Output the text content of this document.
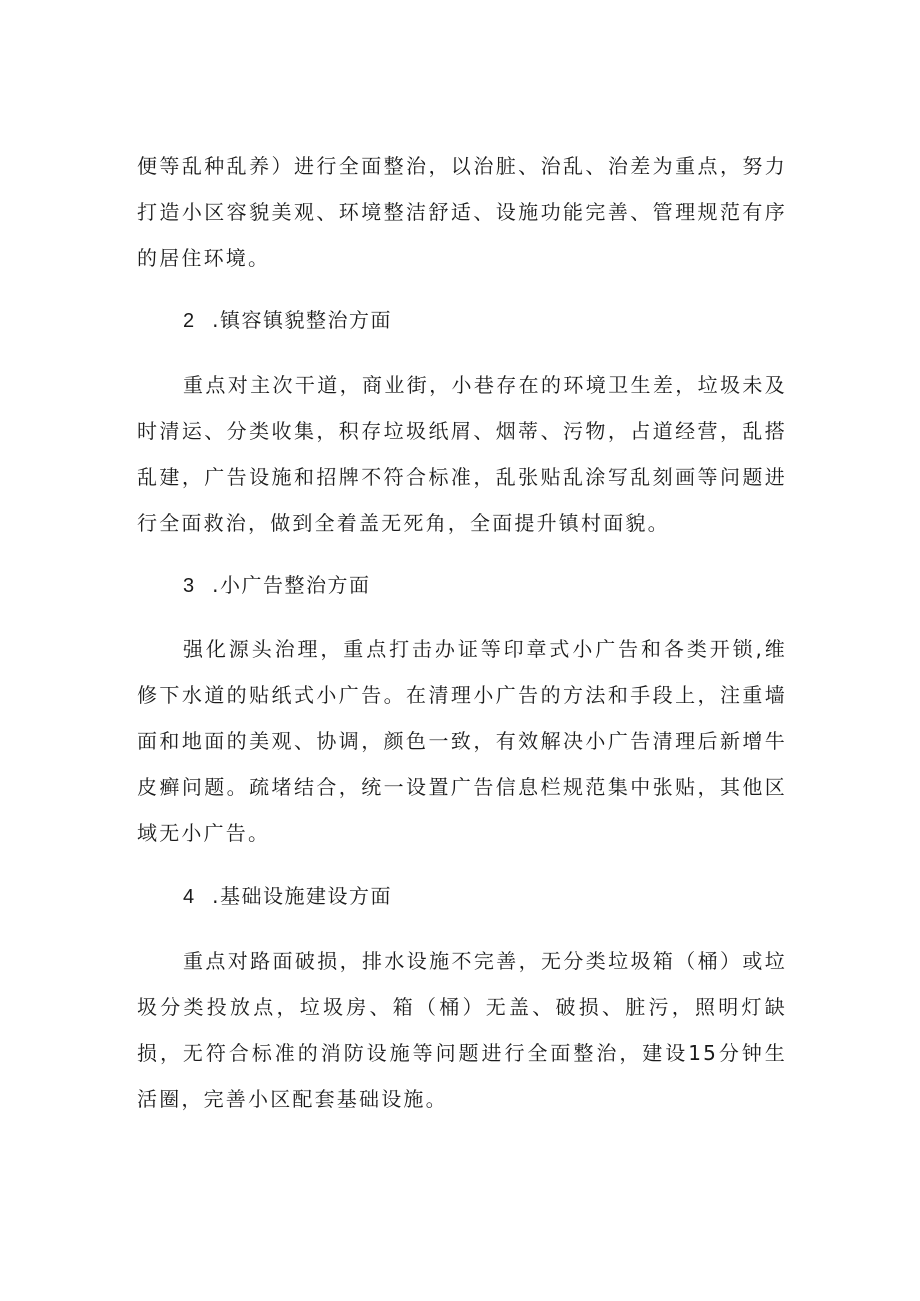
便等乱种乱养）进行全面整治，以治脏、治乱、治差为重点，努力打造小区容貌美观、环境整洁舒适、设施功能完善、管理规范有序的居住环境。

2 .镇容镇貌整治方面

重点对主次干道，商业街，小巷存在的环境卫生差，垃圾未及时清运、分类收集，积存垃圾纸屑、烟蒂、污物，占道经营，乱搭乱建，广告设施和招牌不符合标准，乱张贴乱涂写乱刻画等问题进行全面救治，做到全着盖无死角，全面提升镇村面貌。

3 .小广告整治方面

强化源头治理，重点打击办证等印章式小广告和各类开锁,维修下水道的贴纸式小广告。在清理小广告的方法和手段上，注重墙面和地面的美观、协调，颜色一致，有效解决小广告清理后新增牛皮癣问题。疏堵结合，统一设置广告信息栏规范集中张贴，其他区域无小广告。

4 .基础设施建设方面

重点对路面破损，排水设施不完善，无分类垃圾箱（桶）或垃圾分类投放点，垃圾房、箱（桶）无盖、破损、脏污，照明灯缺损，无符合标准的消防设施等问题进行全面整治，建设15分钟生活圈，完善小区配套基础设施。
